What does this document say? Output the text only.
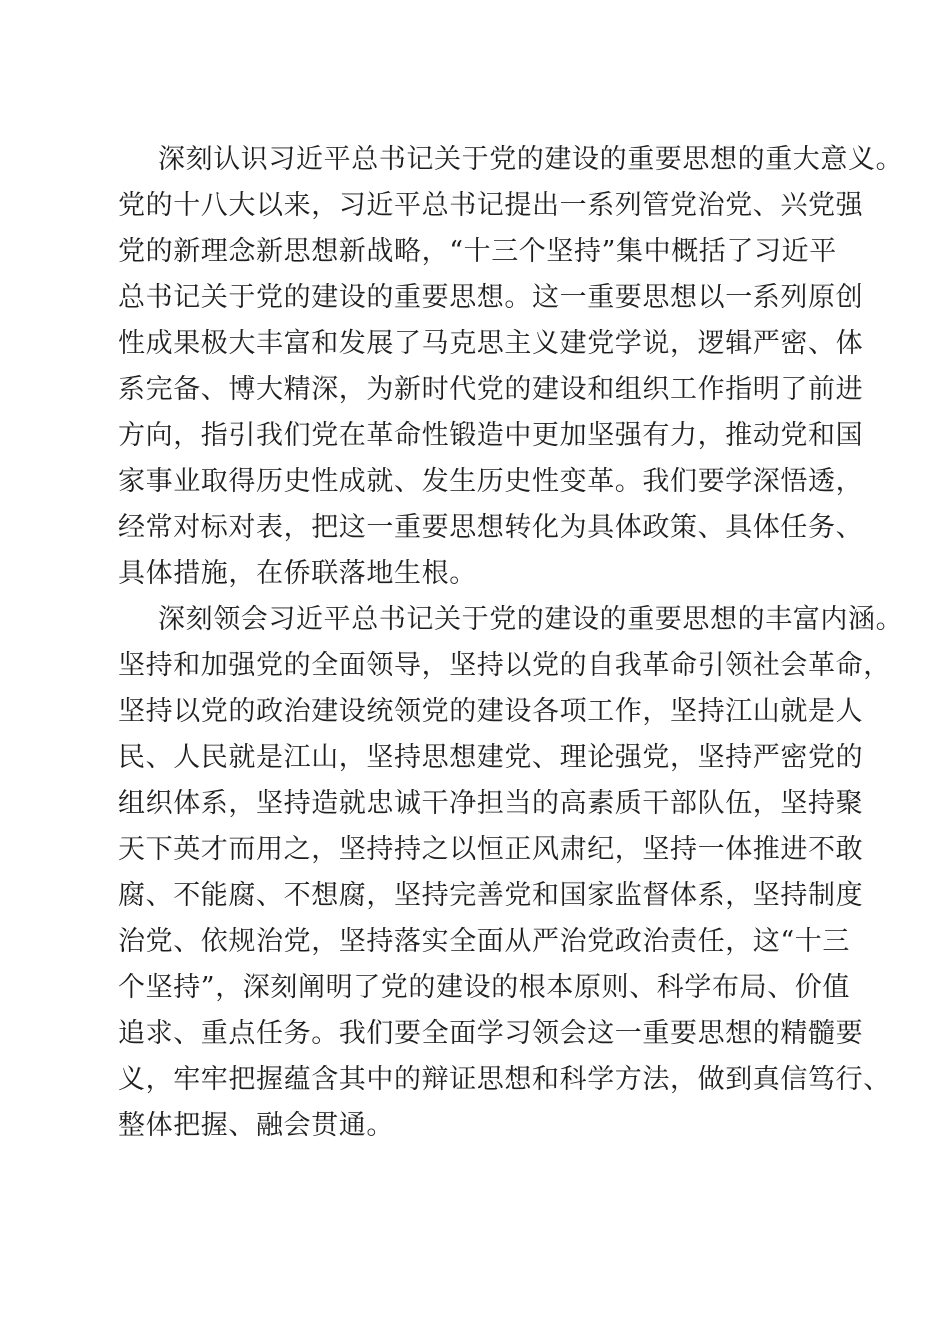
深刻认识习近平总书记关于党的建设的重要思想的重大意义。
党的十八大以来，习近平总书记提出一系列管党治党、兴党强
党的新理念新思想新战略，“十三个坚持”集中概括了习近平
总书记关于党的建设的重要思想。这一重要思想以一系列原创
性成果极大丰富和发展了马克思主义建党学说，逻辑严密、体
系完备、博大精深，为新时代党的建设和组织工作指明了前进
方向，指引我们党在革命性锻造中更加坚强有力，推动党和国
家事业取得历史性成就、发生历史性变革。我们要学深悟透，
经常对标对表，把这一重要思想转化为具体政策、具体任务、
具体措施，在侨联落地生根。
深刻领会习近平总书记关于党的建设的重要思想的丰富内涵。
坚持和加强党的全面领导，坚持以党的自我革命引领社会革命，
坚持以党的政治建设统领党的建设各项工作，坚持江山就是人
民、人民就是江山，坚持思想建党、理论强党，坚持严密党的
组织体系，坚持造就忠诚干净担当的高素质干部队伍，坚持聚
天下英才而用之，坚持持之以恒正风肃纪，坚持一体推进不敢
腐、不能腐、不想腐，坚持完善党和国家监督体系，坚持制度
治党、依规治党，坚持落实全面从严治党政治责任，这“十三
个坚持”，深刻阐明了党的建设的根本原则、科学布局、价值
追求、重点任务。我们要全面学习领会这一重要思想的精髓要
义，牢牢把握蕴含其中的辩证思想和科学方法，做到真信笃行、
整体把握、融会贯通。
